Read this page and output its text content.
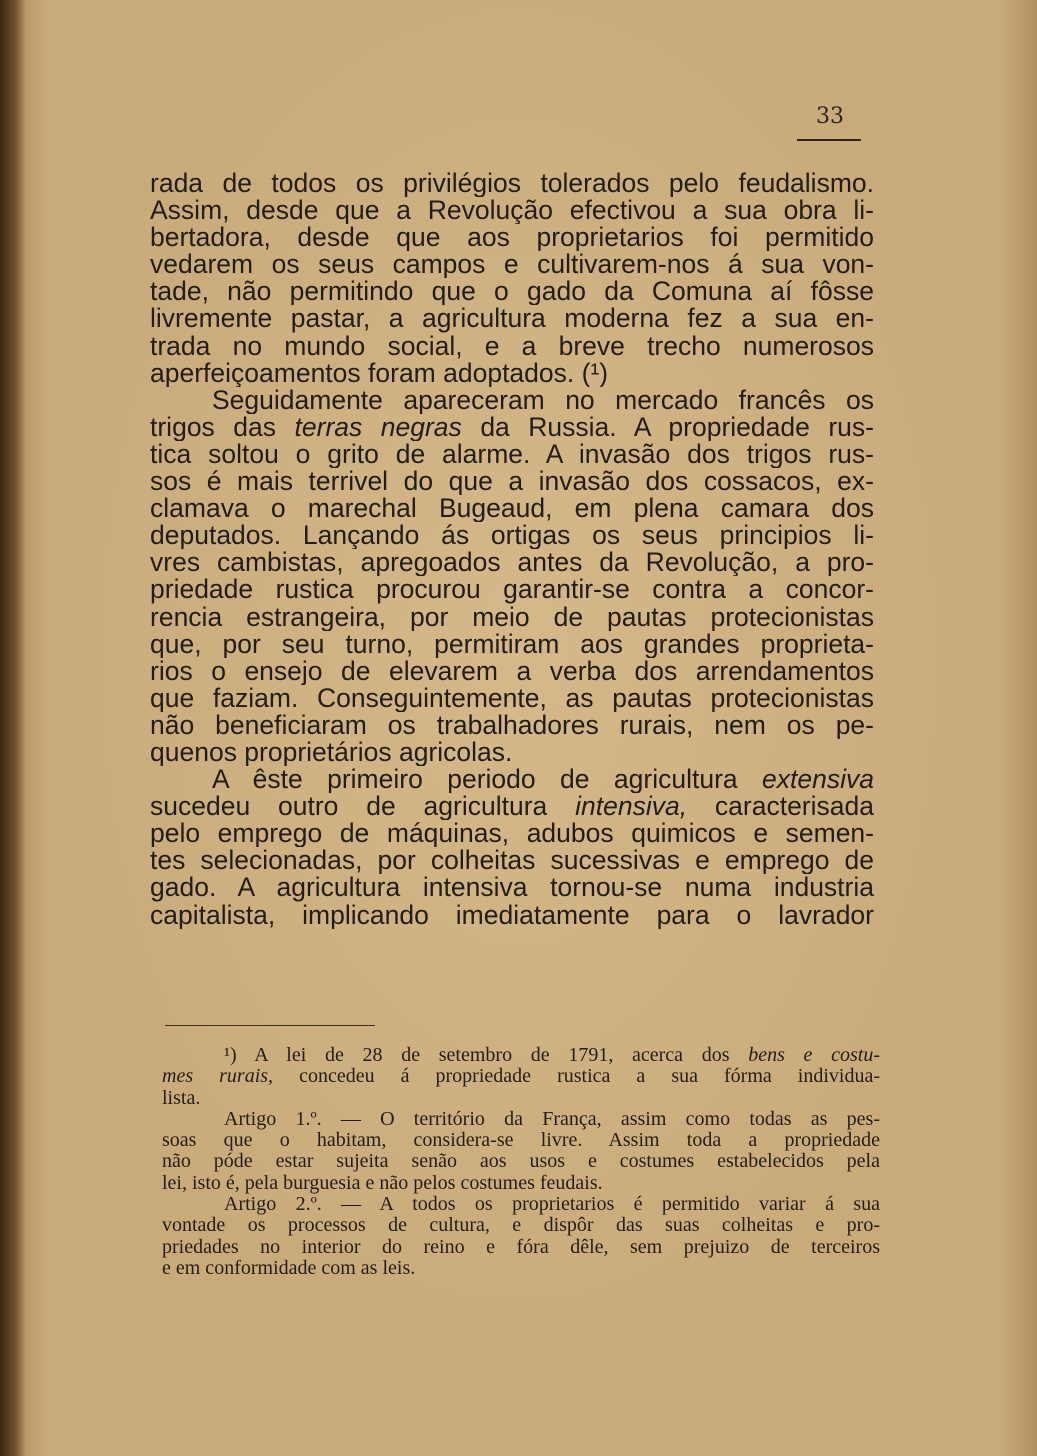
33
rada de todos os privilégios tolerados pelo feudalismo.
Assim, desde que a Revolução efectivou a sua obra li-
bertadora, desde que aos proprietarios foi permitido
vedarem os seus campos e cultivarem-nos á sua von-
tade, não permitindo que o gado da Comuna aí fôsse
livremente pastar, a agricultura moderna fez a sua en-
trada no mundo social, e a breve trecho numerosos
aperfeiçoamentos foram adoptados. (¹)
Seguidamente apareceram no mercado francês os
trigos das terras negras da Russia. A propriedade rus-
tica soltou o grito de alarme. A invasão dos trigos rus-
sos é mais terrivel do que a invasão dos cossacos, ex-
clamava o marechal Bugeaud, em plena camara dos
deputados. Lançando ás ortigas os seus principios li-
vres cambistas, apregoados antes da Revolução, a pro-
priedade rustica procurou garantir-se contra a concor-
rencia estrangeira, por meio de pautas protecionistas
que, por seu turno, permitiram aos grandes proprieta-
rios o ensejo de elevarem a verba dos arrendamentos
que faziam. Conseguintemente, as pautas protecionistas
não beneficiaram os trabalhadores rurais, nem os pe-
quenos proprietários agricolas.
A êste primeiro periodo de agricultura extensiva
sucedeu outro de agricultura intensiva, caracterisada
pelo emprego de máquinas, adubos quimicos e semen-
tes selecionadas, por colheitas sucessivas e emprego de
gado. A agricultura intensiva tornou-se numa industria
capitalista, implicando imediatamente para o lavrador
¹) A lei de 28 de setembro de 1791, acerca dos bens e costu-
mes rurais, concedeu á propriedade rustica a sua fórma individua-
lista.
Artigo 1.º. — O território da França, assim como todas as pes-
soas que o habitam, considera-se livre. Assim toda a propriedade
não póde estar sujeita senão aos usos e costumes estabelecidos pela
lei, isto é, pela burguesia e não pelos costumes feudais.
Artigo 2.º. — A todos os proprietarios é permitido variar á sua
vontade os processos de cultura, e dispôr das suas colheitas e pro-
priedades no interior do reino e fóra dêle, sem prejuizo de terceiros
e em conformidade com as leis.
